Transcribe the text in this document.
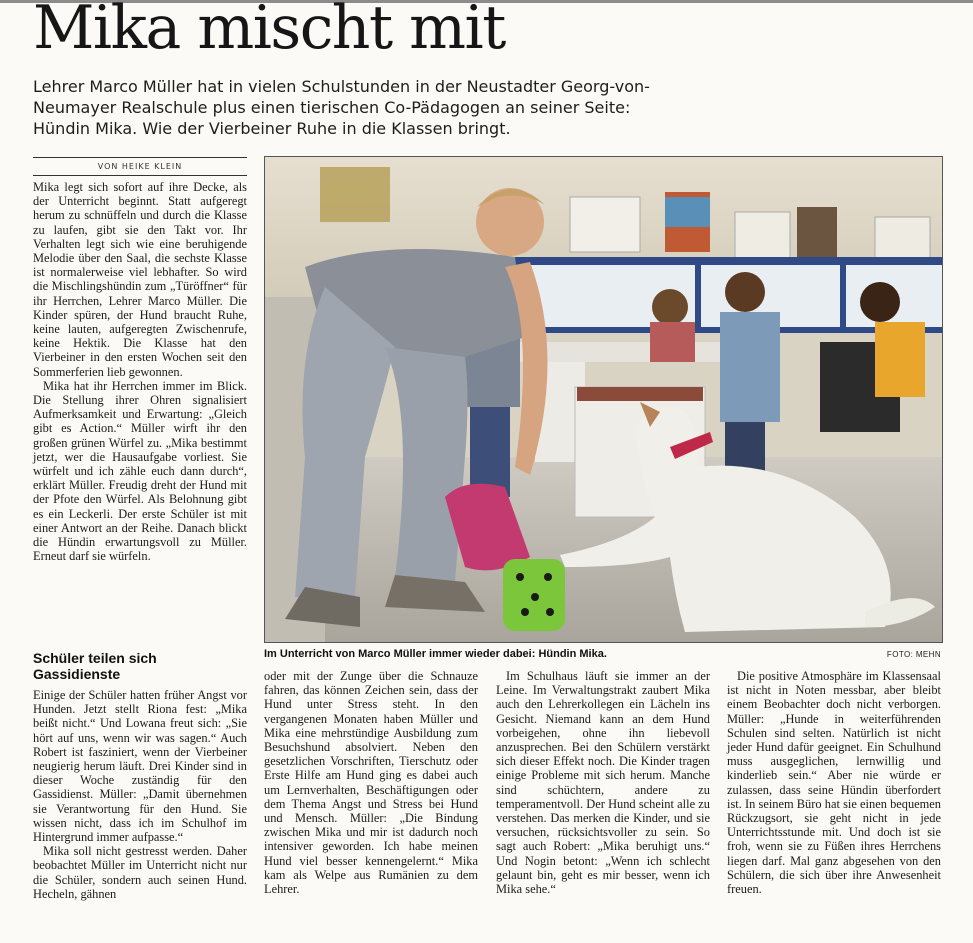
Mika mischt mit

Lehrer Marco Müller hat in vielen Schulstunden in der Neustadter Georg-von-Neumayer Realschule plus einen tierischen Co-Pädagogen an seiner Seite: Hündin Mika. Wie der Vierbeiner Ruhe in die Klassen bringt.

VON HEIKE KLEIN

Mika legt sich sofort auf ihre Decke, als der Unterricht beginnt. Statt aufgeregt herum zu schnüffeln und durch die Klasse zu laufen, gibt sie den Takt vor. Ihr Verhalten legt sich wie eine beruhigende Melodie über den Saal, die sechste Klasse ist normalerweise viel lebhafter. So wird die Mischlingshündin zum „Türöffner“ für ihr Herrchen, Lehrer Marco Müller. Die Kinder spüren, der Hund braucht Ruhe, keine lauten, aufgeregten Zwischenrufe, keine Hektik. Die Klasse hat den Vierbeiner in den ersten Wochen seit den Sommerferien lieb gewonnen.

Mika hat ihr Herrchen immer im Blick. Die Stellung ihrer Ohren signalisiert Aufmerksamkeit und Erwartung: „Gleich gibt es Action.“ Müller wirft ihr den großen grünen Würfel zu. „Mika bestimmt jetzt, wer die Hausaufgabe vorliest. Sie würfelt und ich zähle euch dann durch“, erklärt Müller. Freudig dreht der Hund mit der Pfote den Würfel. Als Belohnung gibt es ein Leckerli. Der erste Schüler ist mit einer Antwort an der Reihe. Danach blickt die Hündin erwartungsvoll zu Müller. Erneut darf sie würfeln.

Schüler teilen sich Gassidienste

Einige der Schüler hatten früher Angst vor Hunden. Jetzt stellt Riona fest: „Mika beißt nicht.“ Und Lowana freut sich: „Sie hört auf uns, wenn wir was sagen.“ Auch Robert ist fasziniert, wenn der Vierbeiner neugierig herum läuft. Drei Kinder sind in dieser Woche zuständig für den Gassidienst. Müller: „Damit übernehmen sie Verantwortung für den Hund. Sie wissen nicht, dass ich im Schulhof im Hintergrund immer aufpasse.“

Mika soll nicht gestresst werden. Daher beobachtet Müller im Unterricht nicht nur die Schüler, sondern auch seinen Hund. Hecheln, gähnen

Im Unterricht von Marco Müller immer wieder dabei: Hündin Mika.	FOTO: MEHN

oder mit der Zunge über die Schnauze fahren, das können Zeichen sein, dass der Hund unter Stress steht. In den vergangenen Monaten haben Müller und Mika eine mehrstündige Ausbildung zum Besuchshund absolviert. Neben den gesetzlichen Vorschriften, Tierschutz oder Erste Hilfe am Hund ging es dabei auch um Lernverhalten, Beschäftigungen oder dem Thema Angst und Stress bei Hund und Mensch. Müller: „Die Bindung zwischen Mika und mir ist dadurch noch intensiver geworden. Ich habe meinen Hund viel besser kennengelernt.“ Mika kam als Welpe aus Rumänien zu dem Lehrer.

Im Schulhaus läuft sie immer an der Leine. Im Verwaltungstrakt zaubert Mika auch den Lehrerkollegen ein Lächeln ins Gesicht. Niemand kann an dem Hund vorbeigehen, ohne ihn liebevoll anzusprechen. Bei den Schülern verstärkt sich dieser Effekt noch. Die Kinder tragen einige Probleme mit sich herum. Manche sind schüchtern, andere zu temperamentvoll. Der Hund scheint alle zu verstehen. Das merken die Kinder, und sie versuchen, rücksichtsvoller zu sein. So sagt auch Robert: „Mika beruhigt uns.“ Und Nogin betont: „Wenn ich schlecht gelaunt bin, geht es mir besser, wenn ich Mika sehe.“

Die positive Atmosphäre im Klassensaal ist nicht in Noten messbar, aber bleibt einem Beobachter doch nicht verborgen. Müller: „Hunde in weiterführenden Schulen sind selten. Natürlich ist nicht jeder Hund dafür geeignet. Ein Schulhund muss ausgeglichen, lernwillig und kinderlieb sein.“ Aber nie würde er zulassen, dass seine Hündin überfordert ist. In seinem Büro hat sie einen bequemen Rückzugsort, sie geht nicht in jede Unterrichtsstunde mit. Und doch ist sie froh, wenn sie zu Füßen ihres Herrchens liegen darf. Mal ganz abgesehen von den Schülern, die sich über ihre Anwesenheit freuen.
